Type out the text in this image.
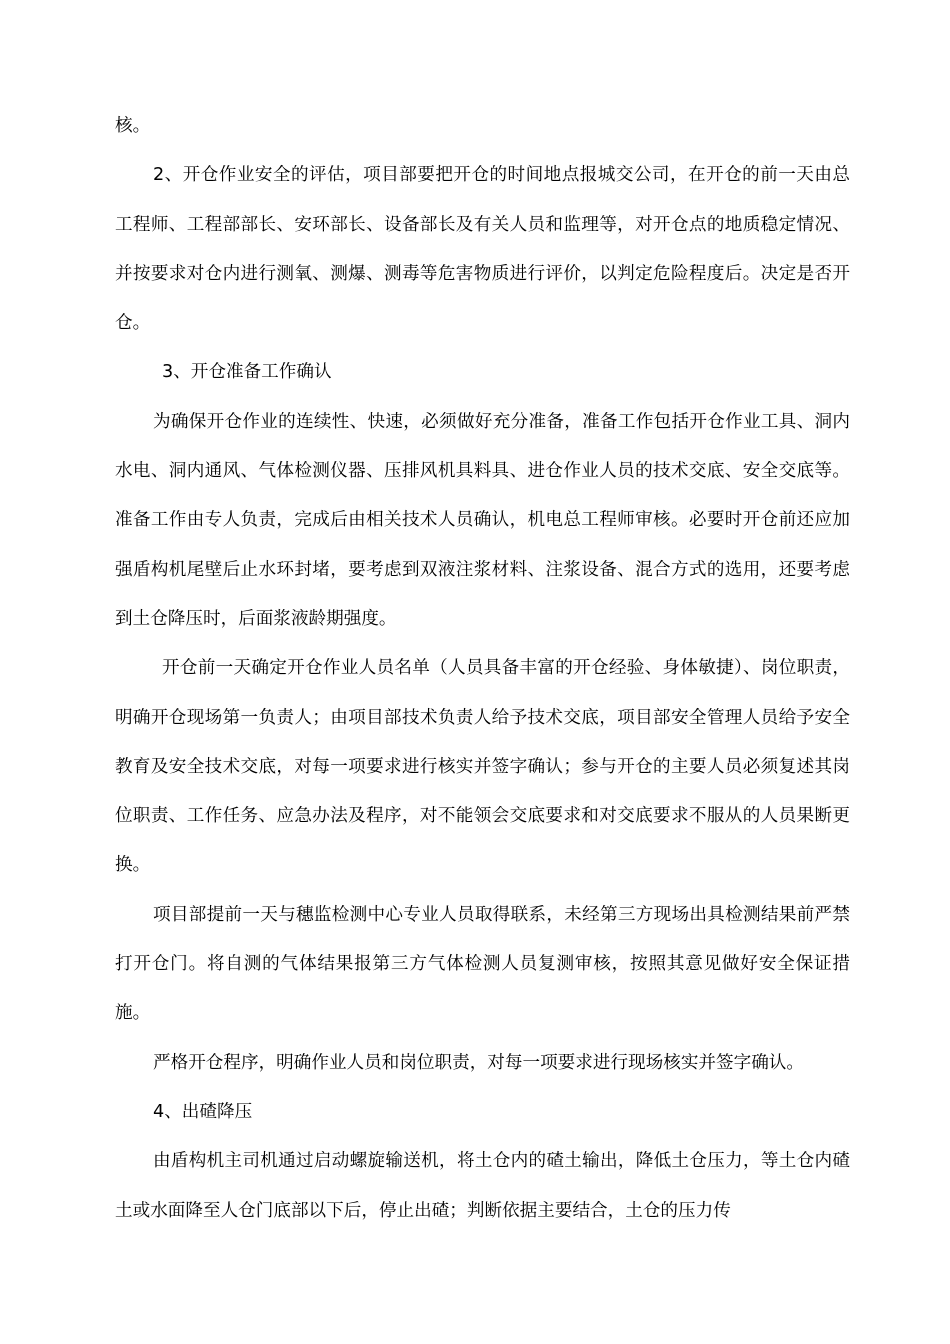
核。

2、开仓作业安全的评估，项目部要把开仓的时间地点报城交公司，在开仓的前一天由总工程师、工程部部长、安环部长、设备部长及有关人员和监理等，对开仓点的地质稳定情况、并按要求对仓内进行测氧、测爆、测毒等危害物质进行评价，以判定危险程度后。决定是否开仓。

3、开仓准备工作确认

为确保开仓作业的连续性、快速，必须做好充分准备，准备工作包括开仓作业工具、洞内水电、洞内通风、气体检测仪器、压排风机具料具、进仓作业人员的技术交底、安全交底等。准备工作由专人负责，完成后由相关技术人员确认，机电总工程师审核。必要时开仓前还应加强盾构机尾壁后止水环封堵，要考虑到双液注浆材料、注浆设备、混合方式的选用，还要考虑到土仓降压时，后面浆液龄期强度。

开仓前一天确定开仓作业人员名单（人员具备丰富的开仓经验、身体敏捷）、岗位职责，明确开仓现场第一负责人；由项目部技术负责人给予技术交底，项目部安全管理人员给予安全教育及安全技术交底，对每一项要求进行核实并签字确认；参与开仓的主要人员必须复述其岗位职责、工作任务、应急办法及程序，对不能领会交底要求和对交底要求不服从的人员果断更换。

项目部提前一天与穗监检测中心专业人员取得联系，未经第三方现场出具检测结果前严禁打开仓门。将自测的气体结果报第三方气体检测人员复测审核，按照其意见做好安全保证措施。

严格开仓程序，明确作业人员和岗位职责，对每一项要求进行现场核实并签字确认。

4、出碴降压

由盾构机主司机通过启动螺旋输送机，将土仓内的碴土输出，降低土仓压力，等土仓内碴土或水面降至人仓门底部以下后，停止出碴；判断依据主要结合，土仓的压力传
